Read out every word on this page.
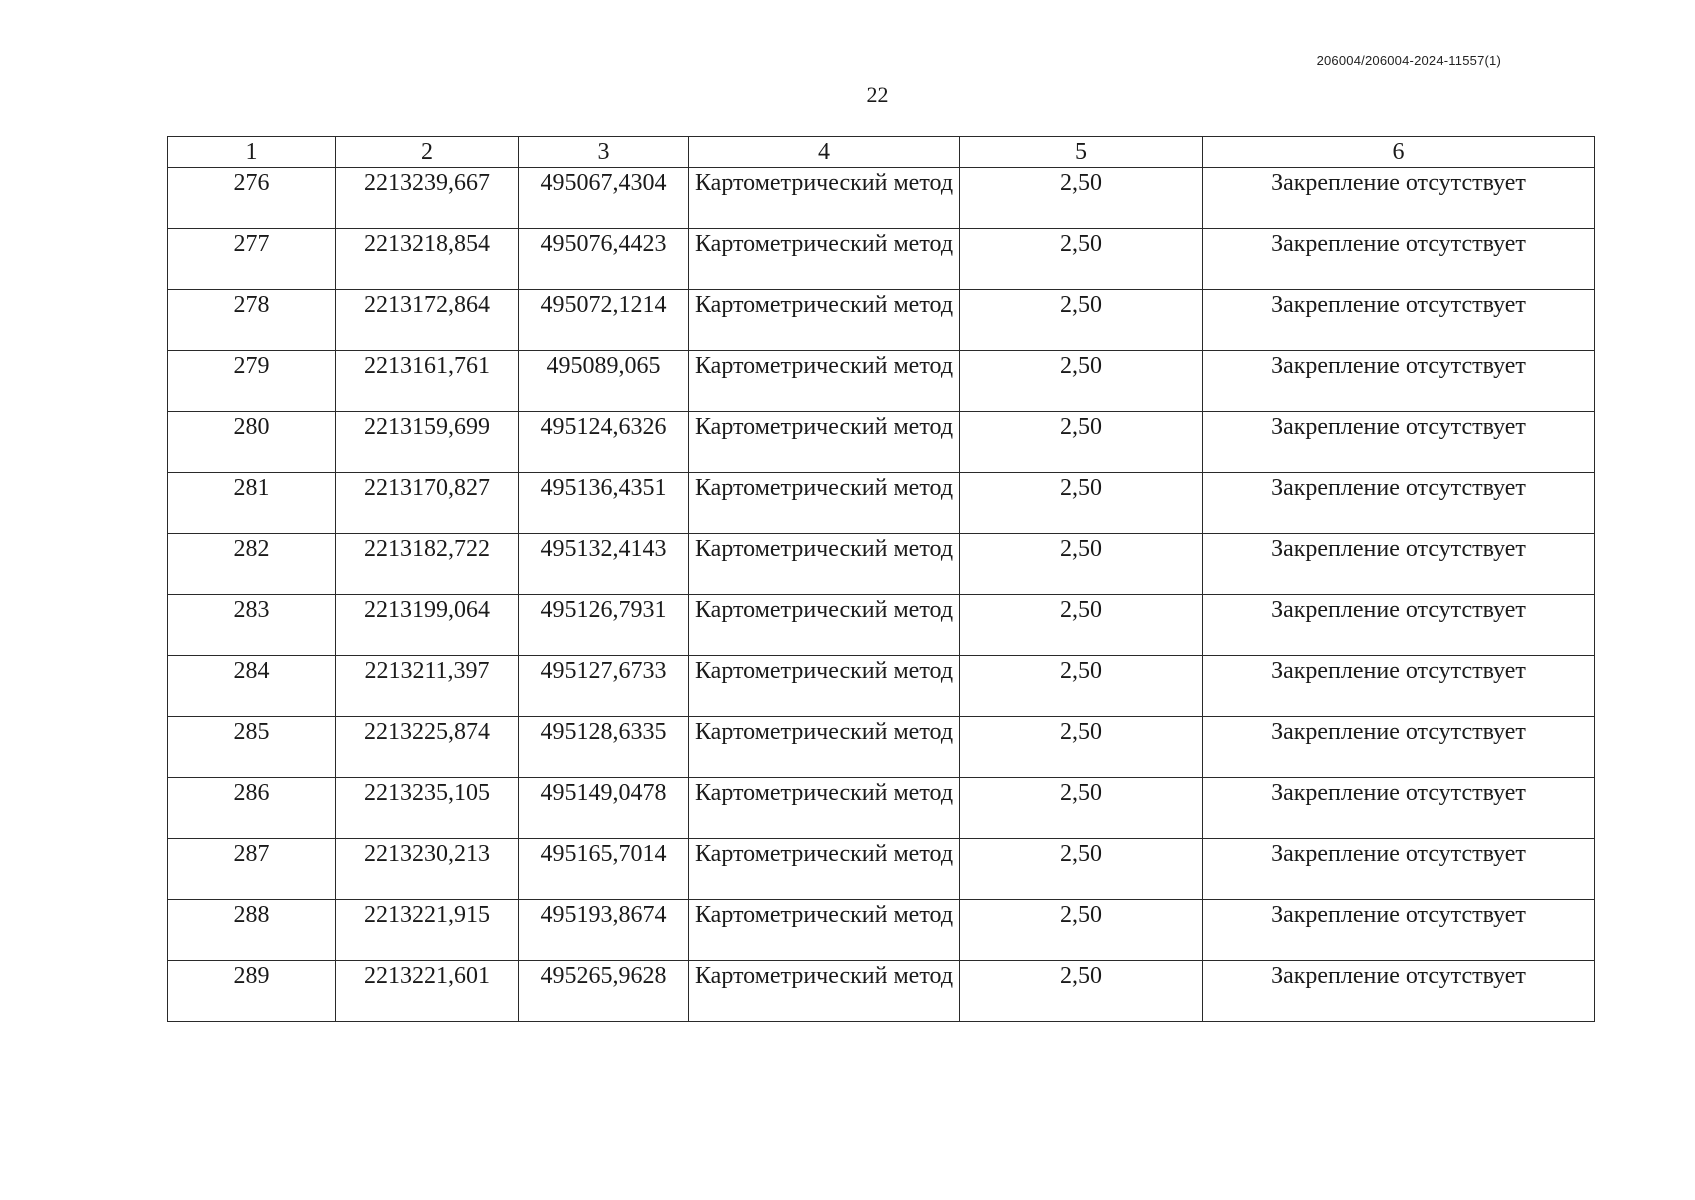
206004/206004-2024-11557(1)
22
1	2	3	4	5	6
276	2213239,667	495067,4304	Картометрический метод	2,50	Закрепление отсутствует
277	2213218,854	495076,4423	Картометрический метод	2,50	Закрепление отсутствует
278	2213172,864	495072,1214	Картометрический метод	2,50	Закрепление отсутствует
279	2213161,761	495089,065	Картометрический метод	2,50	Закрепление отсутствует
280	2213159,699	495124,6326	Картометрический метод	2,50	Закрепление отсутствует
281	2213170,827	495136,4351	Картометрический метод	2,50	Закрепление отсутствует
282	2213182,722	495132,4143	Картометрический метод	2,50	Закрепление отсутствует
283	2213199,064	495126,7931	Картометрический метод	2,50	Закрепление отсутствует
284	2213211,397	495127,6733	Картометрический метод	2,50	Закрепление отсутствует
285	2213225,874	495128,6335	Картометрический метод	2,50	Закрепление отсутствует
286	2213235,105	495149,0478	Картометрический метод	2,50	Закрепление отсутствует
287	2213230,213	495165,7014	Картометрический метод	2,50	Закрепление отсутствует
288	2213221,915	495193,8674	Картометрический метод	2,50	Закрепление отсутствует
289	2213221,601	495265,9628	Картометрический метод	2,50	Закрепление отсутствует
